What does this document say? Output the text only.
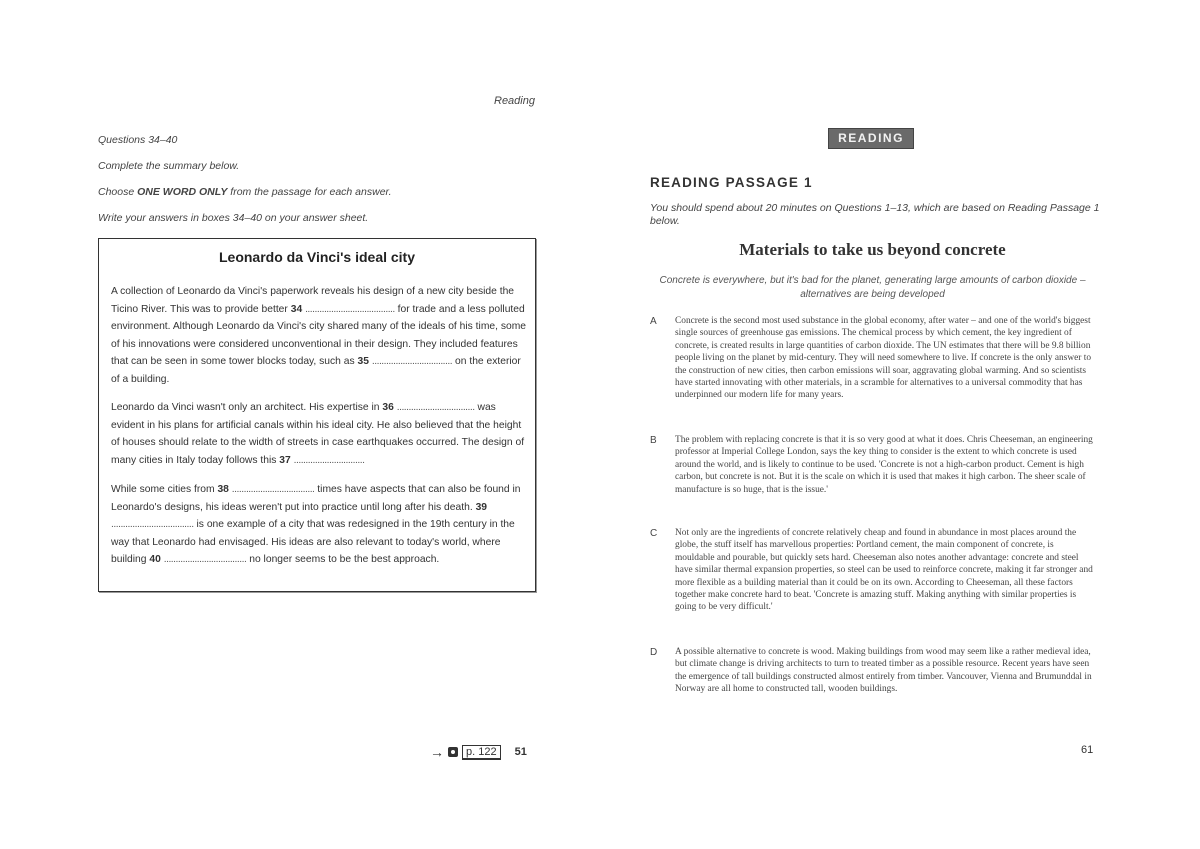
Reading
Questions 34–40
Complete the summary below.
Choose ONE WORD ONLY from the passage for each answer.
Write your answers in boxes 34–40 on your answer sheet.
Leonardo da Vinci's ideal city

A collection of Leonardo da Vinci's paperwork reveals his design of a new city beside the Ticino River. This was to provide better 34 ...................................... for trade and a less polluted environment. Although Leonardo da Vinci's city shared many of the ideals of his time, some of his innovations were considered unconventional in their design. They included features that can be seen in some tower blocks today, such as 35 .................................. on the exterior of a building.

Leonardo da Vinci wasn't only an architect. His expertise in 36 ................................. was evident in his plans for artificial canals within his ideal city. He also believed that the height of houses should relate to the width of streets in case earthquakes occurred. The design of many cities in Italy today follows this 37 ..............................

While some cities from 38 ................................... times have aspects that can also be found in Leonardo's designs, his ideas weren't put into practice until long after his death. 39 ................................... is one example of a city that was redesigned in the 19th century in the way that Leonardo had envisaged. His ideas are also relevant to today's world, where building 40 ................................... no longer seems to be the best approach.

→	p. 122	51
READING
READING PASSAGE 1
You should spend about 20 minutes on Questions 1–13, which are based on Reading Passage 1 below.
Materials to take us beyond concrete
Concrete is everywhere, but it's bad for the planet, generating large amounts of carbon dioxide – alternatives are being developed
A	Concrete is the second most used substance in the global economy, after water – and one of the world's biggest single sources of greenhouse gas emissions. The chemical process by which cement, the key ingredient of concrete, is created results in large quantities of carbon dioxide. The UN estimates that there will be 9.8 billion people living on the planet by mid-century. They will need somewhere to live. If concrete is the only answer to the construction of new cities, then carbon emissions will soar, aggravating global warming. And so scientists have started innovating with other materials, in a scramble for alternatives to a universal commodity that has underpinned our modern life for many years.

B	The problem with replacing concrete is that it is so very good at what it does. Chris Cheeseman, an engineering professor at Imperial College London, says the key thing to consider is the extent to which concrete is used around the world, and is likely to continue to be used. 'Concrete is not a high-carbon product. Cement is high carbon, but concrete is not. But it is the scale on which it is used that makes it high carbon. The sheer scale of manufacture is so huge, that is the issue.'

C	Not only are the ingredients of concrete relatively cheap and found in abundance in most places around the globe, the stuff itself has marvellous properties: Portland cement, the main component of concrete, is mouldable and pourable, but quickly sets hard. Cheeseman also notes another advantage: concrete and steel have similar thermal expansion properties, so steel can be used to reinforce concrete, making it far stronger and more flexible as a building material than it could be on its own. According to Cheeseman, all these factors together make concrete hard to beat. 'Concrete is amazing stuff. Making anything with similar properties is going to be very difficult.'

D	A possible alternative to concrete is wood. Making buildings from wood may seem like a rather medieval idea, but climate change is driving architects to turn to treated timber as a possible resource. Recent years have seen the emergence of tall buildings constructed almost entirely from timber. Vancouver, Vienna and Brumunddal in Norway are all home to constructed tall, wooden buildings.

61
